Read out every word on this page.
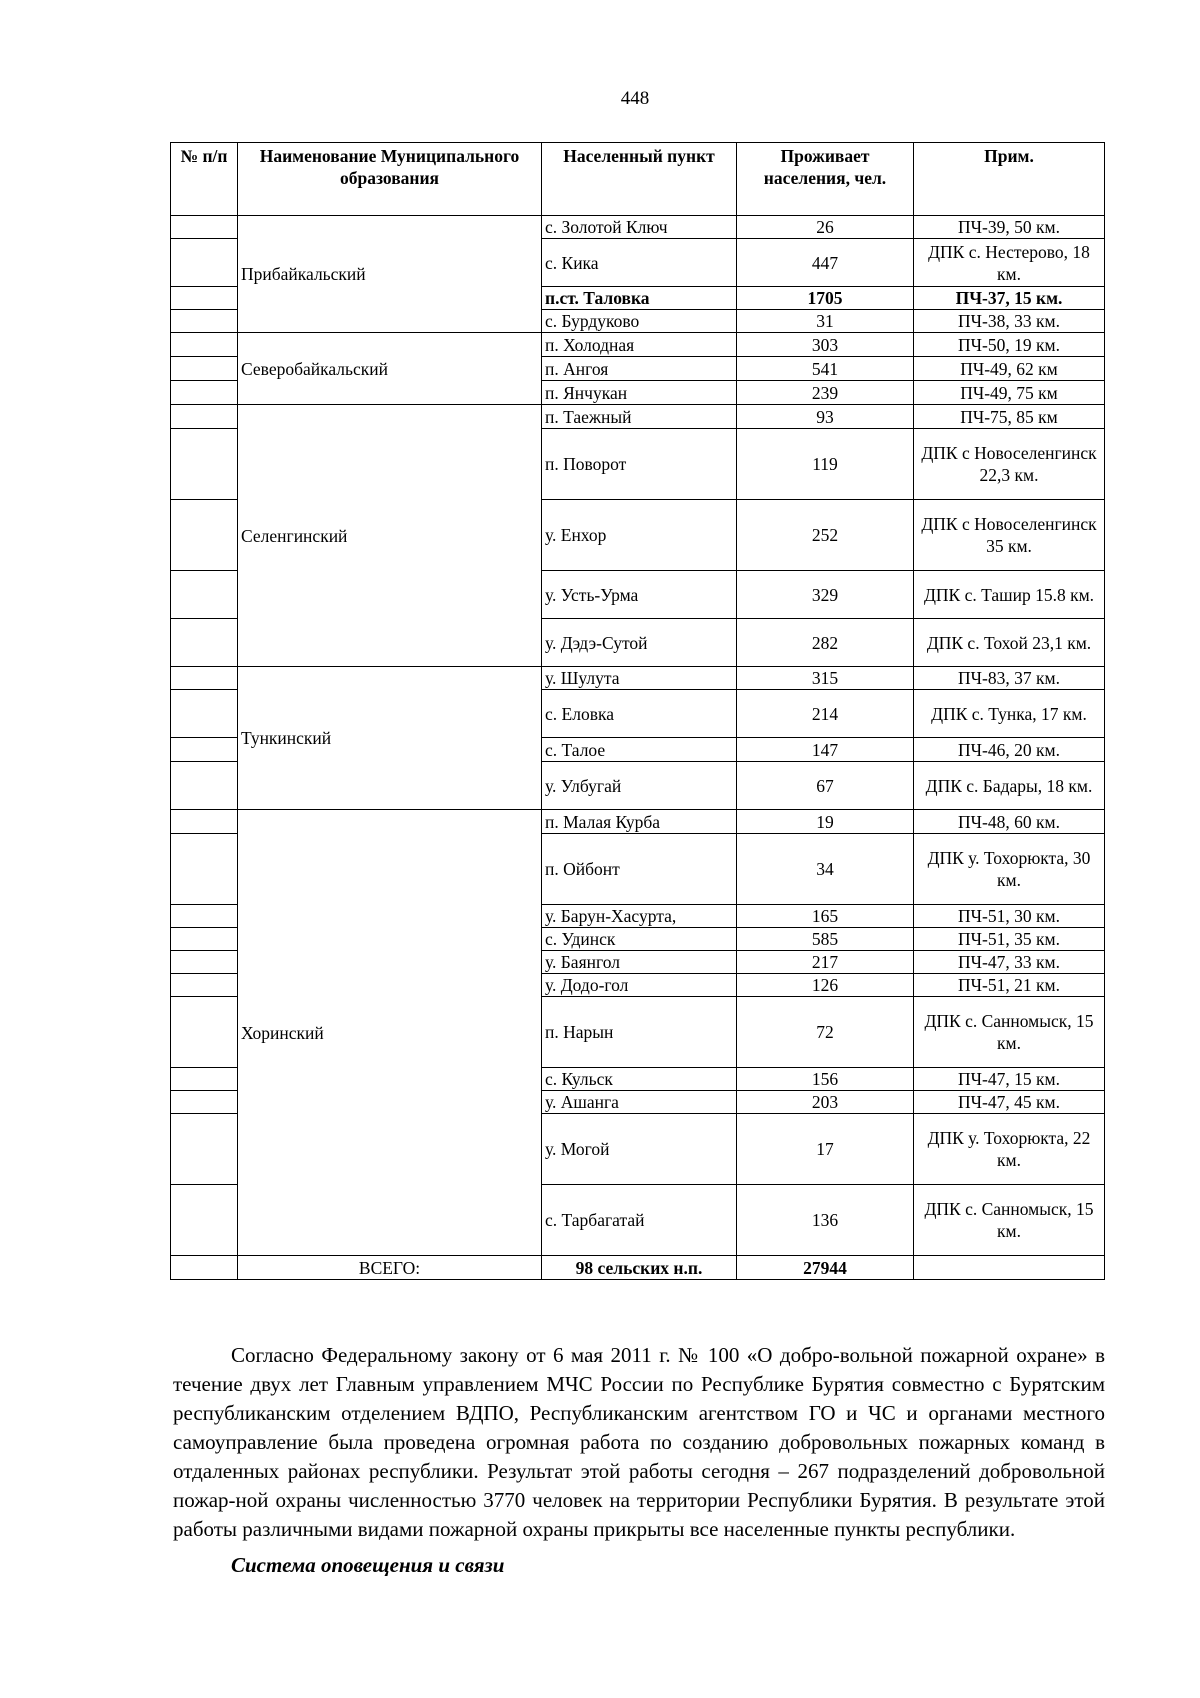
448
№ п/п	Наименование Муниципального образования	Населенный пункт	Проживает населения, чел.	Прим.
	Прибайкальский	с. Золотой Ключ	26	ПЧ-39, 50 км.
		с. Кика	447	ДПК с. Нестерово, 18 км.
		п.ст. Таловка	1705	ПЧ-37, 15 км.
		с. Бурдуково	31	ПЧ-38, 33 км.
	Северобайкальский	п. Холодная	303	ПЧ-50, 19 км.
		п. Ангоя	541	ПЧ-49, 62 км
		п. Янчукан	239	ПЧ-49, 75 км
	Селенгинский	п. Таежный	93	ПЧ-75, 85 км
		п. Поворот	119	ДПК с Новоселенгинск 22,3 км.
		у. Енхор	252	ДПК с Новоселенгинск 35 км.
		у. Усть-Урма	329	ДПК с. Ташир 15.8 км.
		у. Дэдэ-Сутой	282	ДПК с. Тохой 23,1 км.
	Тункинский	у. Шулута	315	ПЧ-83, 37 км.
		с. Еловка	214	ДПК с. Тунка, 17 км.
		с. Талое	147	ПЧ-46, 20 км.
		у. Улбугай	67	ДПК с. Бадары, 18 км.
	Хоринский	п. Малая Курба	19	ПЧ-48, 60 км.
		п. Ойбонт	34	ДПК у. Тохорюкта, 30 км.
		у. Барун-Хасурта,	165	ПЧ-51, 30 км.
		с. Удинск	585	ПЧ-51, 35 км.
		у. Баянгол	217	ПЧ-47, 33 км.
		у. Додо-гол	126	ПЧ-51, 21 км.
		п. Нарын	72	ДПК с. Санномыск, 15 км.
		с. Кульск	156	ПЧ-47, 15 км.
		у. Ашанга	203	ПЧ-47, 45 км.
		у. Могой	17	ДПК у. Тохорюкта, 22 км.
		с. Тарбагатай	136	ДПК с. Санномыск, 15 км.
	ВСЕГО:	98 сельских н.п.	27944	

Согласно Федеральному закону от 6 мая 2011 г. № 100 «О добро-вольной пожарной охране» в течение двух лет Главным управлением МЧС России по Республике Бурятия совместно с Бурятским республиканским отделением ВДПО, Республиканским агентством ГО и ЧС и органами местного самоуправление была проведена огромная работа по созданию добровольных пожарных команд в отдаленных районах республики. Результат этой работы сегодня – 267 подразделений добровольной пожар-ной охраны численностью 3770 человек на территории Республики Бурятия. В результате этой работы различными видами пожарной охраны прикрыты все населенные пункты республики.

Система оповещения и связи
